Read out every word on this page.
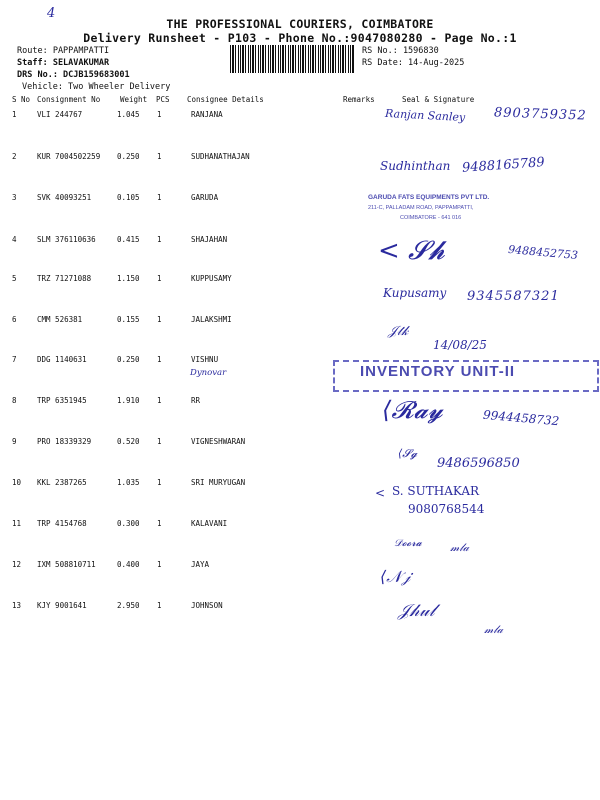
4
THE PROFESSIONAL COURIERS, COIMBATORE
Delivery Runsheet - P103 - Phone No.:9047080280 - Page No.:1
Route: PAPPAMPATTI
Staff: SELAVAKUMAR
DRS No.: DCJB159683001
Vehicle: Two Wheeler Delivery
RS No.: 1596830
RS Date: 14-Aug-2025
S No Consignment No	Weight PCS Consignee Details	Remarks	Seal & Signature
1	VLI 244767	1.045 1	RANJANA
2	KUR 7004502259 0.250 1	SUDHANATHAJAN
3	SVK 40093251	0.105 1	GARUDA
4	SLM 376110636	0.415 1	SHAJAHAN
5	TRZ 71271088	1.150 1	KUPPUSAMY
6	CMM 526381	0.155 1	JALAKSHMI
7	DDG 1140631	0.250 1	VISHNU
8	TRP 6351945	1.910 1	RR
9	PRO 18339329	0.520 1	VIGNESHWARAN
10 KKL 2387265	1.035 1	SRI MURYUGAN
11 TRP 4154768	0.300 1	KALAVANI
12 IXM 508810711	0.400 1	JAYA
13 KJY 9001641	2.950 1	JOHNSON
Ranjan Sanley 8903759352
Sudhinthan 9488165789
GARUDA FATS EQUIPMENTS PVT LTD.
211-C, PALLADAM ROAD, PAPPAMPATTI,
COIMBATORE - 641 016
< 𝓢𝓱	9488452753
Kupusamy 9345587321
𝒥𝓉𝓀
14/08/25
Dynovar	INVENTORY UNIT-II
⟨𝓡𝓪𝔂	9944458732
⟨𝓢𝓰
9486596850
< S. SUTHAKAR
9080768544
𝒟𝓸𝓸𝓻𝓪	𝓂𝓁𝒶
⟨𝒩𝒿
𝒥𝒽𝓊𝓁
𝓂𝓁𝒶
